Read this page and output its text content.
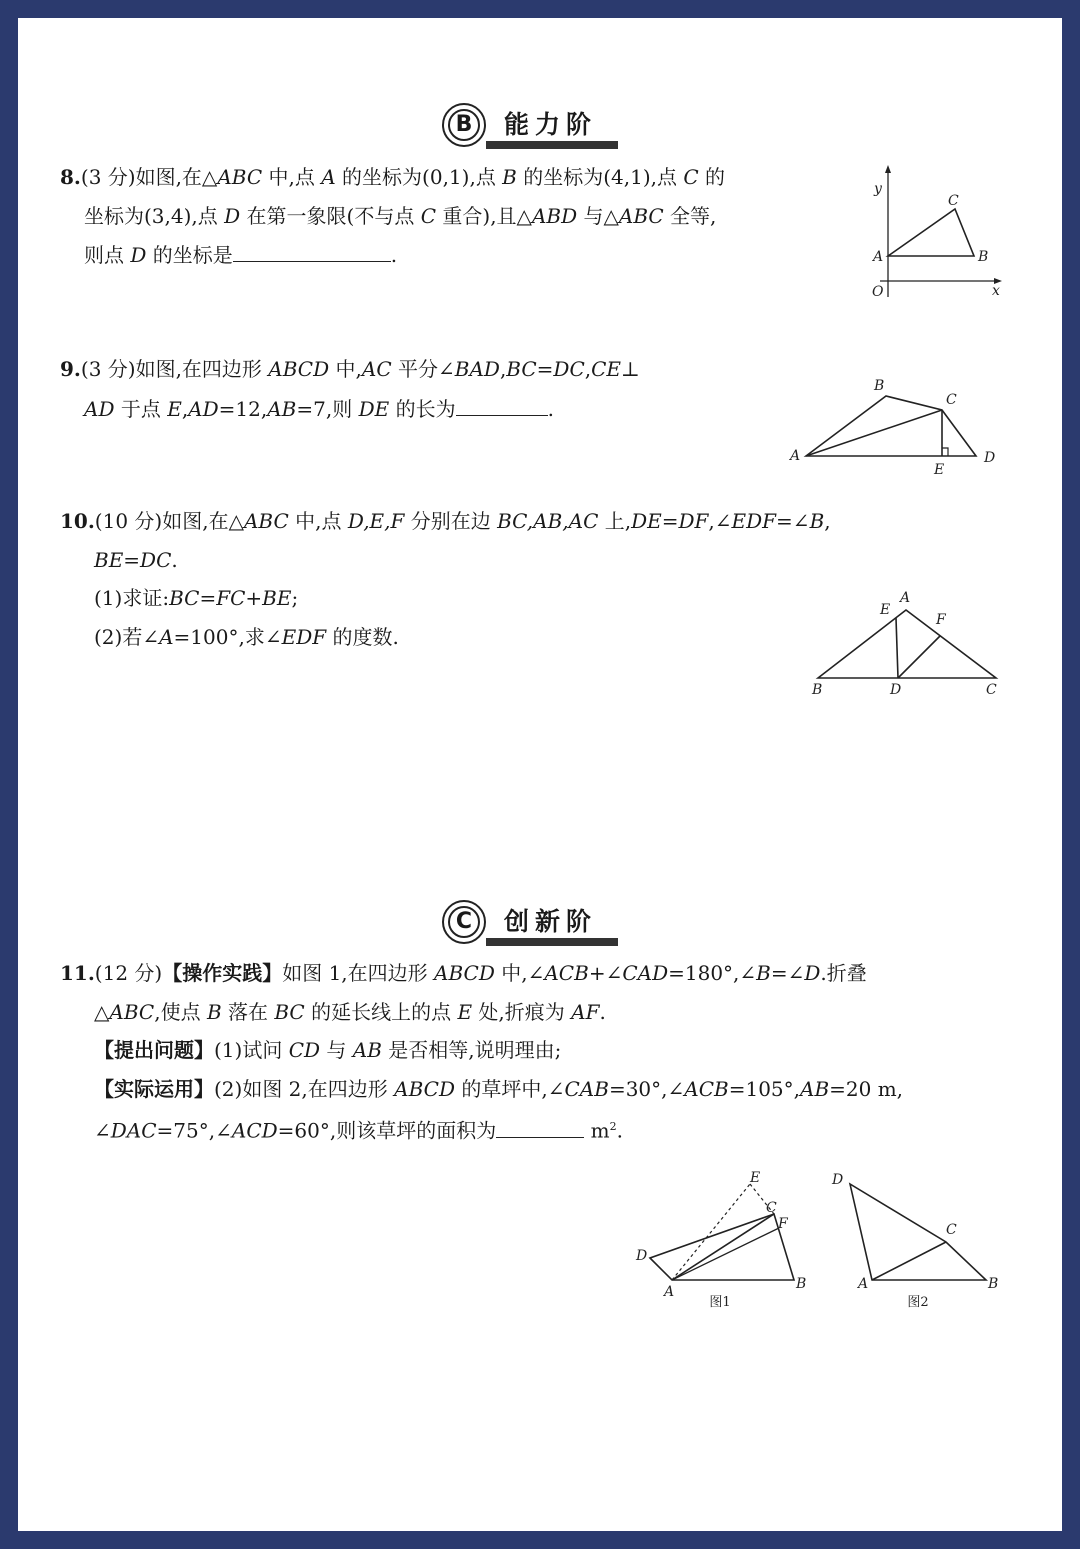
B	能力阶

8.(3 分)如图,在△ABC 中,点 A 的坐标为(0,1),点 B 的坐标为(4,1),点 C 的

坐标为(3,4),点 D 在第一象限(不与点 C 重合),且△ABD 与△ABC 全等,

则点 D 的坐标是	.

y
x
O
A	B
C

9.(3 分)如图,在四边形 ABCD 中,AC 平分∠BAD,BC=DC,CE⊥

AD 于点 E,AD=12,AB=7,则 DE 的长为	.

A
B
C
D
E

10.(10 分)如图,在△ABC 中,点 D,E,F 分别在边 BC,AB,AC 上,DE=DF,∠EDF=∠B,

BE=DC.

(1)求证:BC=FC+BE;

(2)若∠A=100°,求∠EDF 的度数.

A
B	C
D
E
F
C	创新阶

11.(12 分)【操作实践】如图 1,在四边形 ABCD 中,∠ACB+∠CAD=180°,∠B=∠D.折叠

△ABC,使点 B 落在 BC 的延长线上的点 E 处,折痕为 AF.

【提出问题】(1)试问 CD 与 AB 是否相等,说明理由;

【实际运用】(2)如图 2,在四边形 ABCD 的草坪中,∠CAB=30°,∠ACB=105°,AB=20 m,

∠DAC=75°,∠ACD=60°,则该草坪的面积为	$m^2$.

D
A	B
C
E
F
图1
D
A	B
C
图2
